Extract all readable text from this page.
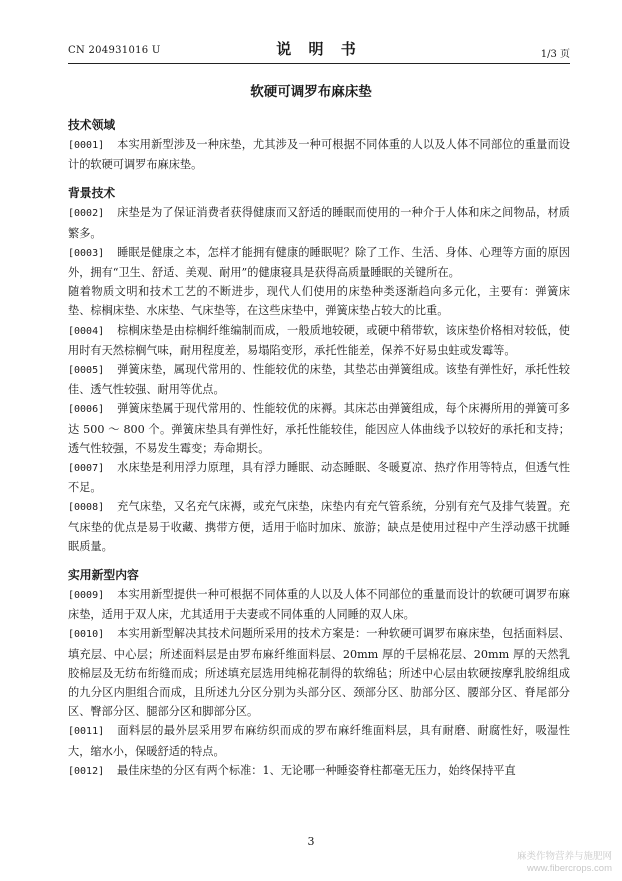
CN 204931016 U	说 明 书	1/3 页
软硬可调罗布麻床垫
技术领域
[0001] 本实用新型涉及一种床垫，尤其涉及一种可根据不同体重的人以及人体不同部位的重量而设计的软硬可调罗布麻床垫。
背景技术
[0002] 床垫是为了保证消费者获得健康而又舒适的睡眠而使用的一种介于人体和床之间物品，材质繁多。
[0003] 睡眠是健康之本，怎样才能拥有健康的睡眠呢？除了工作、生活、身体、心理等方面的原因外，拥有“卫生、舒适、美观、耐用”的健康寝具是获得高质量睡眠的关键所在。
随着物质文明和技术工艺的不断进步，现代人们使用的床垫种类逐渐趋向多元化，主要有：弹簧床垫、棕榈床垫、水床垫、气床垫等，在这些床垫中，弹簧床垫占较大的比重。
[0004] 棕榈床垫是由棕榈纤维编制而成，一般质地较硬，或硬中稍带软，该床垫价格相对较低，使用时有天然棕榈气味，耐用程度差，易塌陷变形，承托性能差，保养不好易虫蛀或发霉等。
[0005] 弹簧床垫，属现代常用的、性能较优的床垫，其垫芯由弹簧组成。该垫有弹性好，承托性较佳、透气性较强、耐用等优点。
[0006] 弹簧床垫属于现代常用的、性能较优的床褥。其床芯由弹簧组成，每个床褥所用的弹簧可多达 500 ～ 800 个。弹簧床垫具有弹性好，承托性能较佳，能因应人体曲线予以较好的承托和支持；透气性较强，不易发生霉变；寿命期长。
[0007] 水床垫是利用浮力原理，具有浮力睡眠、动态睡眠、冬暖夏凉、热疗作用等特点，但透气性不足。
[0008] 充气床垫，又名充气床褥，或充气床垫，床垫内有充气管系统，分别有充气及排气装置。充气床垫的优点是易于收藏、携带方便，适用于临时加床、旅游；缺点是使用过程中产生浮动感干扰睡眠质量。
实用新型内容
[0009] 本实用新型提供一种可根据不同体重的人以及人体不同部位的重量而设计的软硬可调罗布麻床垫，适用于双人床，尤其适用于夫妻或不同体重的人同睡的双人床。
[0010] 本实用新型解决其技术问题所采用的技术方案是：一种软硬可调罗布麻床垫，包括面料层、填充层、中心层；所述面料层是由罗布麻纤维面料层、20mm 厚的千层棉花层、20mm 厚的天然乳胶棉层及无纺布绗缝而成；所述填充层选用纯棉花制得的软绵毡；所述中心层由软硬按摩乳胶绵组成的九分区内胆组合而成，且所述九分区分别为头部分区、颈部分区、肋部分区、腰部分区、脊尾部分区、臀部分区、腿部分区和脚部分区。
[0011] 面料层的最外层采用罗布麻纺织而成的罗布麻纤维面料层，具有耐磨、耐腐性好，吸湿性大，缩水小，保暖舒适的特点。
[0012] 最佳床垫的分区有两个标准：1、无论哪一种睡姿脊柱都毫无压力，始终保持平直
3
麻类作物营养与施肥网
www.fibercrops.com
